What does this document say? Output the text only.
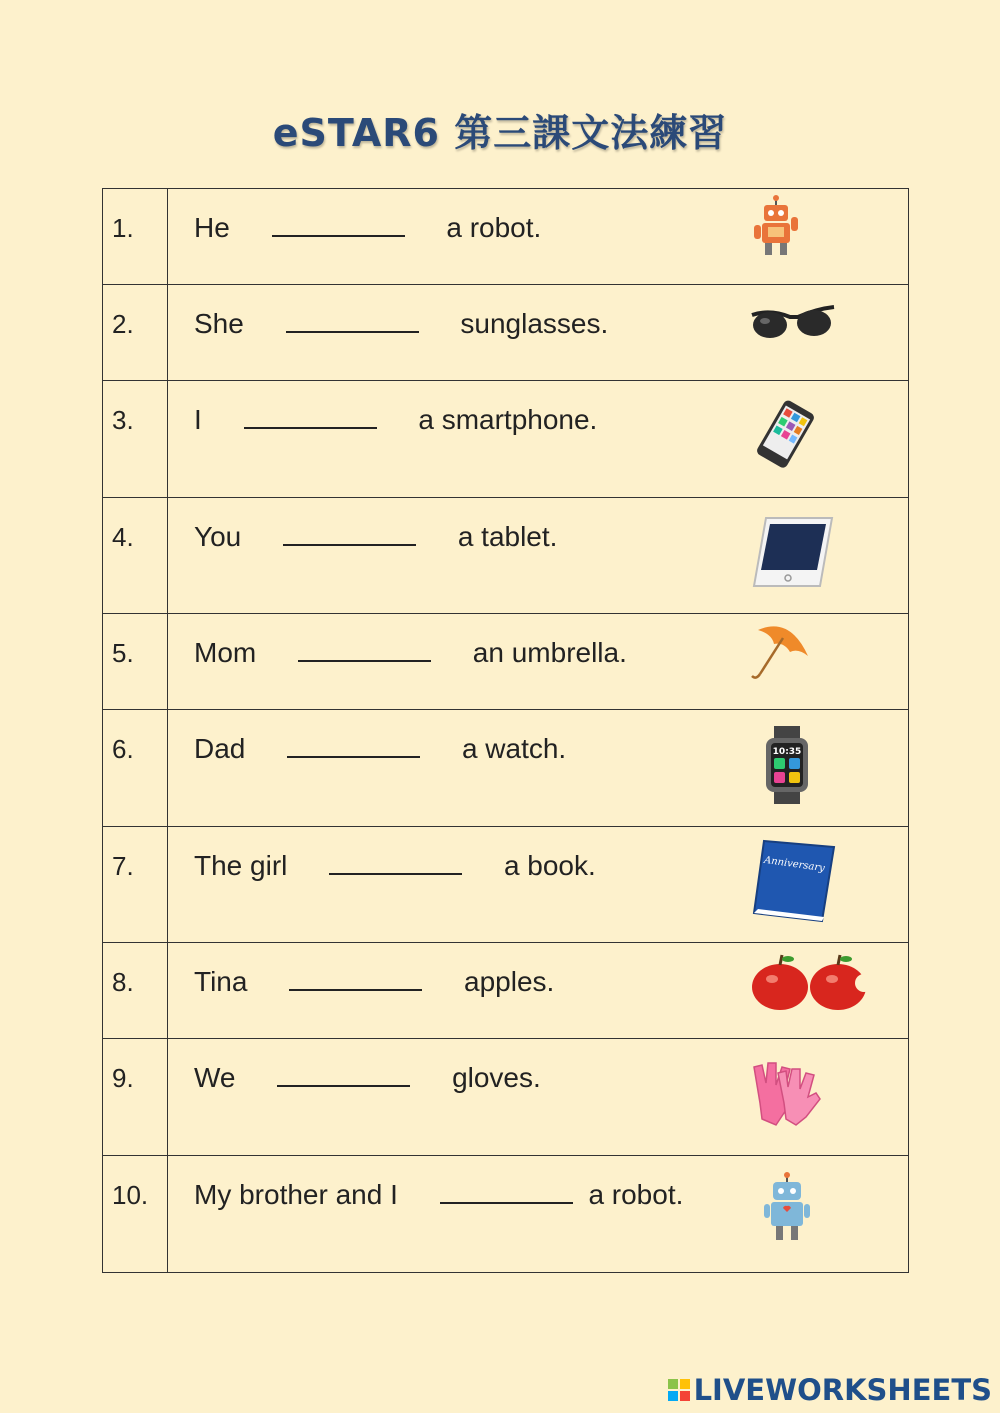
eSTAR6 第三課文法練習
1.	He a robot.

2.	She sunglasses.

3.	I a smartphone.

4.	You a tablet.

5.	Mom an umbrella.

6.	Dad a watch. 10:35

7.	The girl a book. Anniversary

8.	Tina apples.

9.	We gloves.

10.	My brother and I a robot.
LIVEWORKSHEETS
